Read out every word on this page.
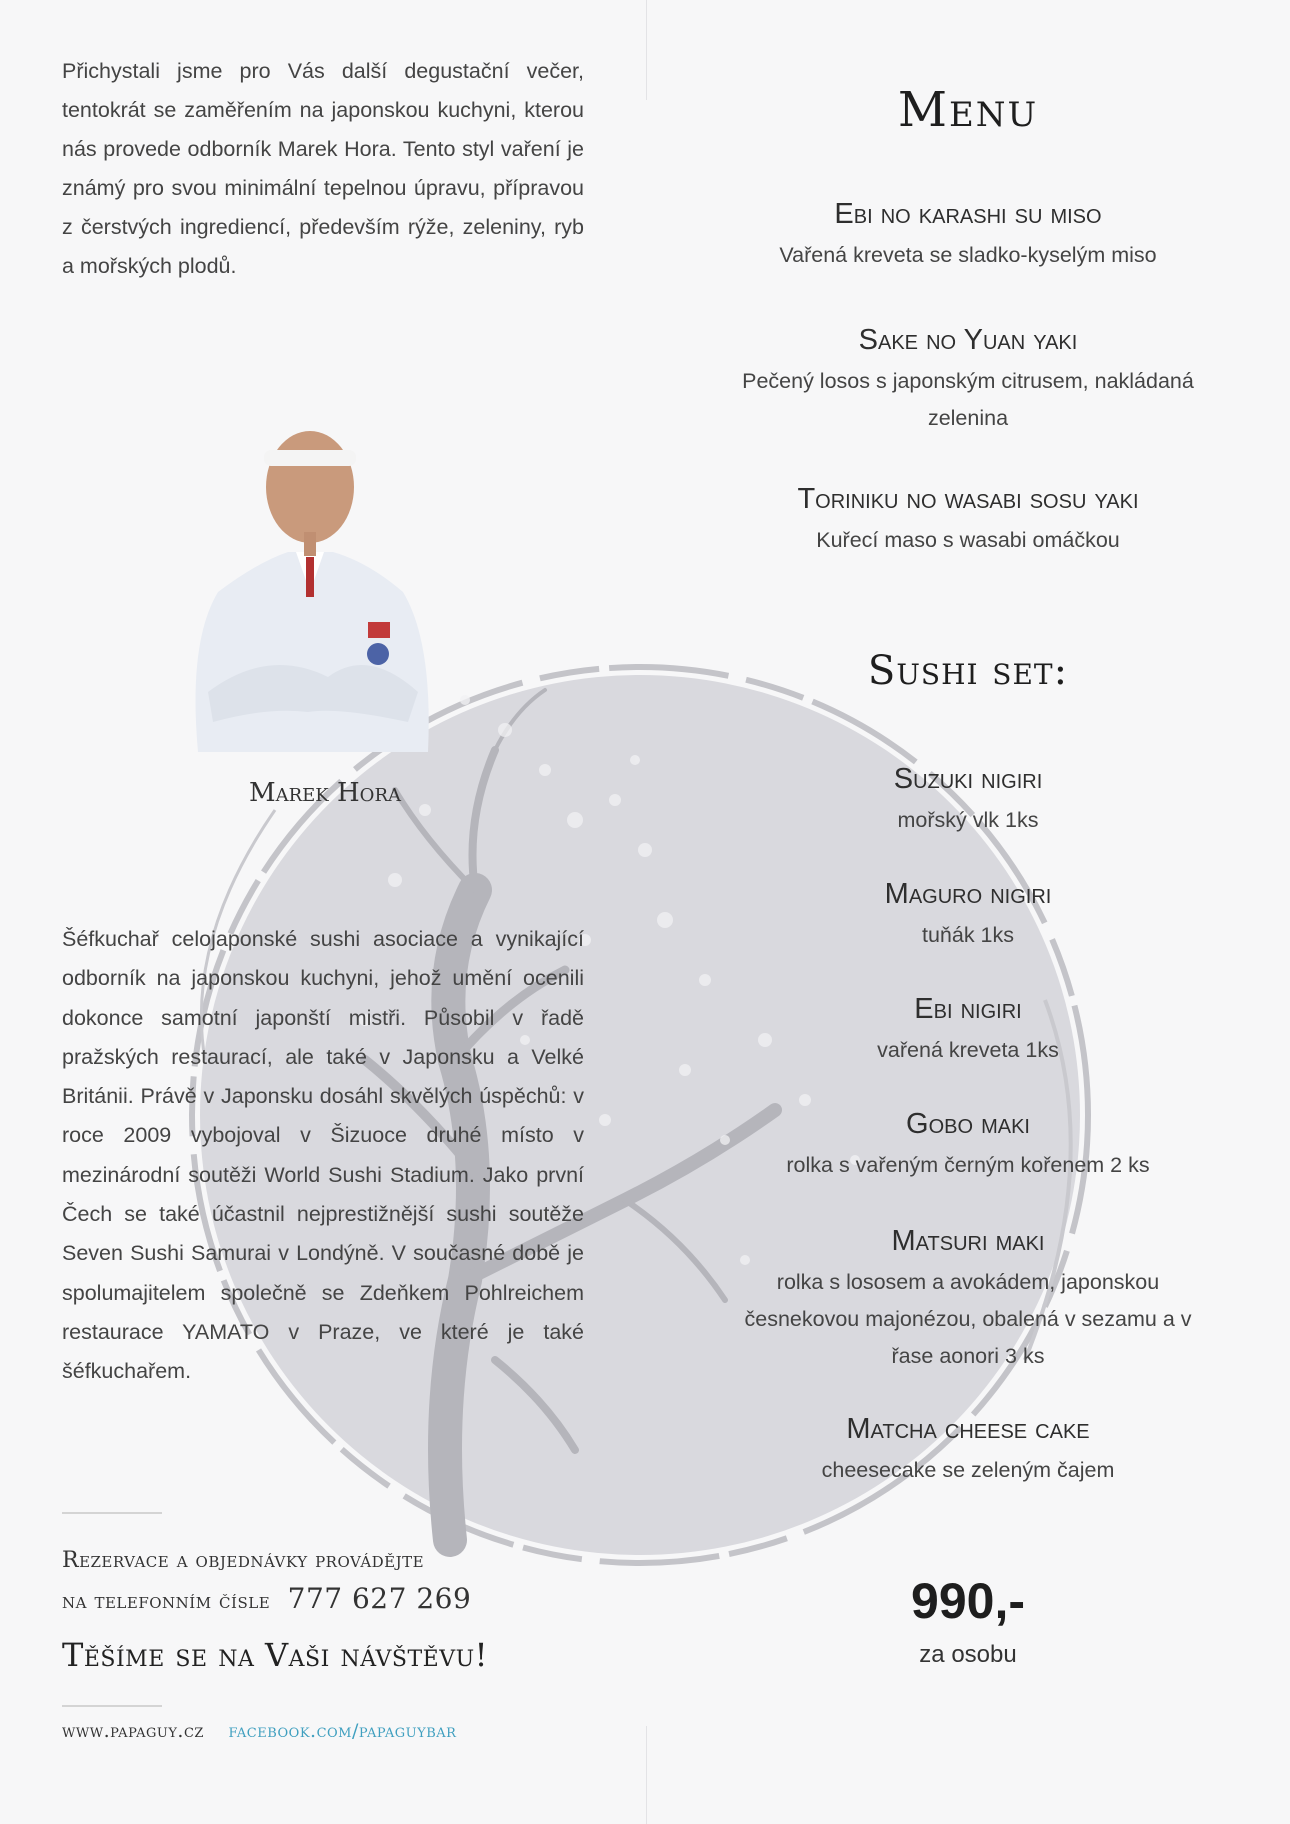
Přichystali jsme pro Vás další degustační večer, tentokrát se zaměřením na japonskou kuchyni, kterou nás provede odborník Marek Hora. Tento styl vaření je známý pro svou minimální tepelnou úpravu, přípravou z čerstvých ingrediencí, především rýže, zeleniny, ryb a mořských plodů.
Marek Hora
Šéfkuchař celojaponské sushi asociace a vynikající odborník na japonskou kuchyni, jehož umění ocenili dokonce samotní japonští mistři. Působil v řadě pražských restaurací, ale také v Japonsku a Velké Británii. Právě v Japonsku dosáhl skvělých úspěchů: v roce 2009 vybojoval v Šizuoce druhé místo v mezinárodní soutěži World Sushi Stadium. Jako první Čech se také účastnil nejprestižnější sushi soutěže Seven Sushi Samurai v Londýně. V současné době je spolumajitelem společně se Zdeňkem Pohlreichem restaurace YAMATO v Praze, ve které je také šéfkuchařem.
Rezervace a objednávky provádějte
na telefonním čísle 777 627 269
Těšíme se na Vaši návštěvu!
www.papaguy.cz facebook.com/papaguybar
Menu
Ebi no karashi su miso
Vařená kreveta se sladko-kyselým miso
Sake no Yuan yaki
Pečený losos s japonským citrusem, nakládaná zelenina
Toriniku no wasabi sosu yaki
Kuřecí maso s wasabi omáčkou
Sushi set:
Suzuki nigiri
mořský vlk 1ks
Maguro nigiri
tuňák 1ks
Ebi nigiri
vařená kreveta 1ks
Gobo maki
rolka s vařeným černým kořenem 2 ks
Matsuri maki
rolka s lososem a avokádem, japonskou česnekovou majonézou, obalená v sezamu a v řase aonori 3 ks
Matcha cheese cake
cheesecake se zeleným čajem
990,-
za osobu
